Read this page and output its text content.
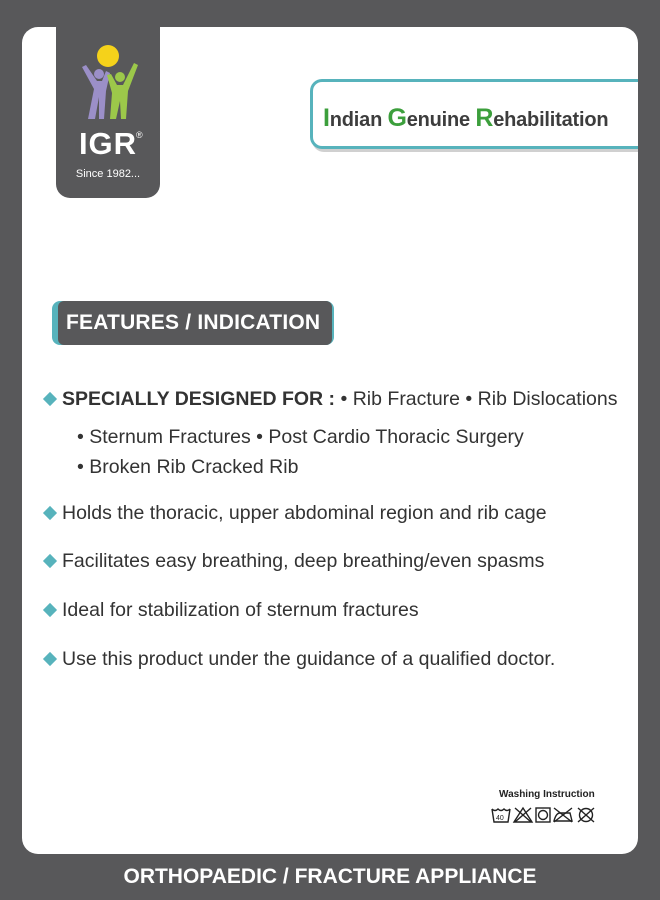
IGR
®
Since 1982...
Indian Genuine Rehabilitation
FEATURES / INDICATION
SPECIALLY DESIGNED FOR : • Rib Fracture • Rib Dislocations
• Sternum Fractures • Post Cardio Thoracic Surgery
• Broken Rib Cracked Rib
Holds the thoracic, upper abdominal region and rib cage
Facilitates easy breathing, deep breathing/even spasms
Ideal for stabilization of sternum fractures
Use this product under the guidance of a qualified doctor.
Washing Instruction
40
ORTHOPAEDIC / FRACTURE APPLIANCE
